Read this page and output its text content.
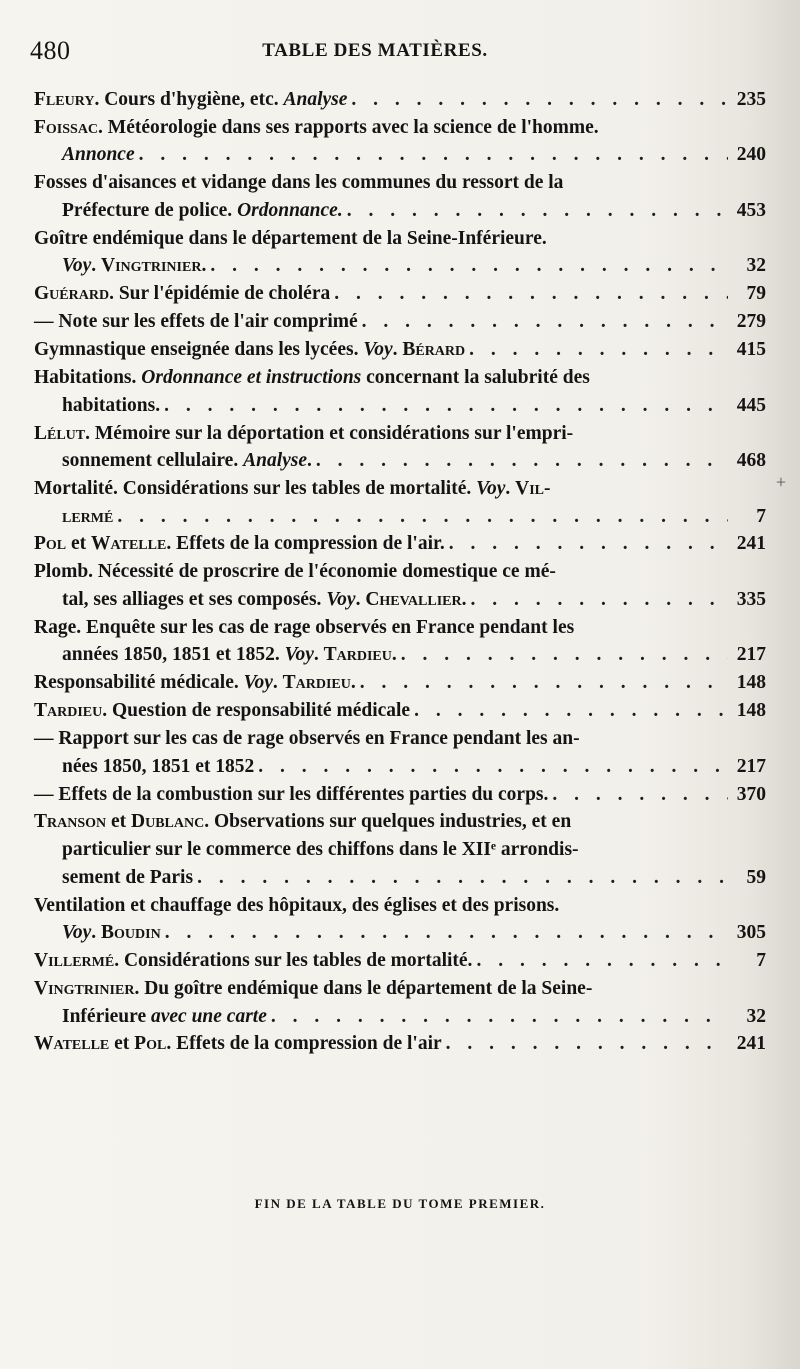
480	TABLE DES MATIÈRES.
Fleury. Cours d'hygiène, etc. Analyse . . .	235
Foissac. Météorologie dans ses rapports avec la science de l'homme.
Annonce . . .	240
Fosses d'aisances et vidange dans les communes du ressort de la
Préfecture de police. Ordonnance. . . .	453
Goître endémique dans le département de la Seine-Inférieure.
Voy. Vingtrinier. . . .	32
Guérard. Sur l'épidémie de choléra . . .	79
— Note sur les effets de l'air comprimé . . .	279
Gymnastique enseignée dans les lycées. Voy. Bérard . . .	415
Habitations. Ordonnance et instructions concernant la salubrité des
habitations. . . .	445
Lélut. Mémoire sur la déportation et considérations sur l'empri-
sonnement cellulaire. Analyse. . . .	468
Mortalité. Considérations sur les tables de mortalité. Voy. Vil-
lermé . . .	7
Pol et Watelle. Effets de la compression de l'air. . . .	241
Plomb. Nécessité de proscrire de l'économie domestique ce mé-
tal, ses alliages et ses composés. Voy. Chevallier. . . .	335
Rage. Enquête sur les cas de rage observés en France pendant les
années 1850, 1851 et 1852. Voy. Tardieu. . . .	217
Responsabilité médicale. Voy. Tardieu. . . .	148
Tardieu. Question de responsabilité médicale . . .	148
— Rapport sur les cas de rage observés en France pendant les an-
nées 1850, 1851 et 1852 . . .	217
— Effets de la combustion sur les différentes parties du corps. . . .	370
Transon et Dublanc. Observations sur quelques industries, et en
particulier sur le commerce des chiffons dans le XIIᵉ arrondis-
sement de Paris . . .	59
Ventilation et chauffage des hôpitaux, des églises et des prisons.
Voy. Boudin . . .	305
Villermé. Considérations sur les tables de mortalité. . . .	7
Vingtrinier. Du goître endémique dans le département de la Seine-
Inférieure avec une carte . . .	32
Watelle et Pol. Effets de la compression de l'air . . .	241
FIN DE LA TABLE DU TOME PREMIER.
+
